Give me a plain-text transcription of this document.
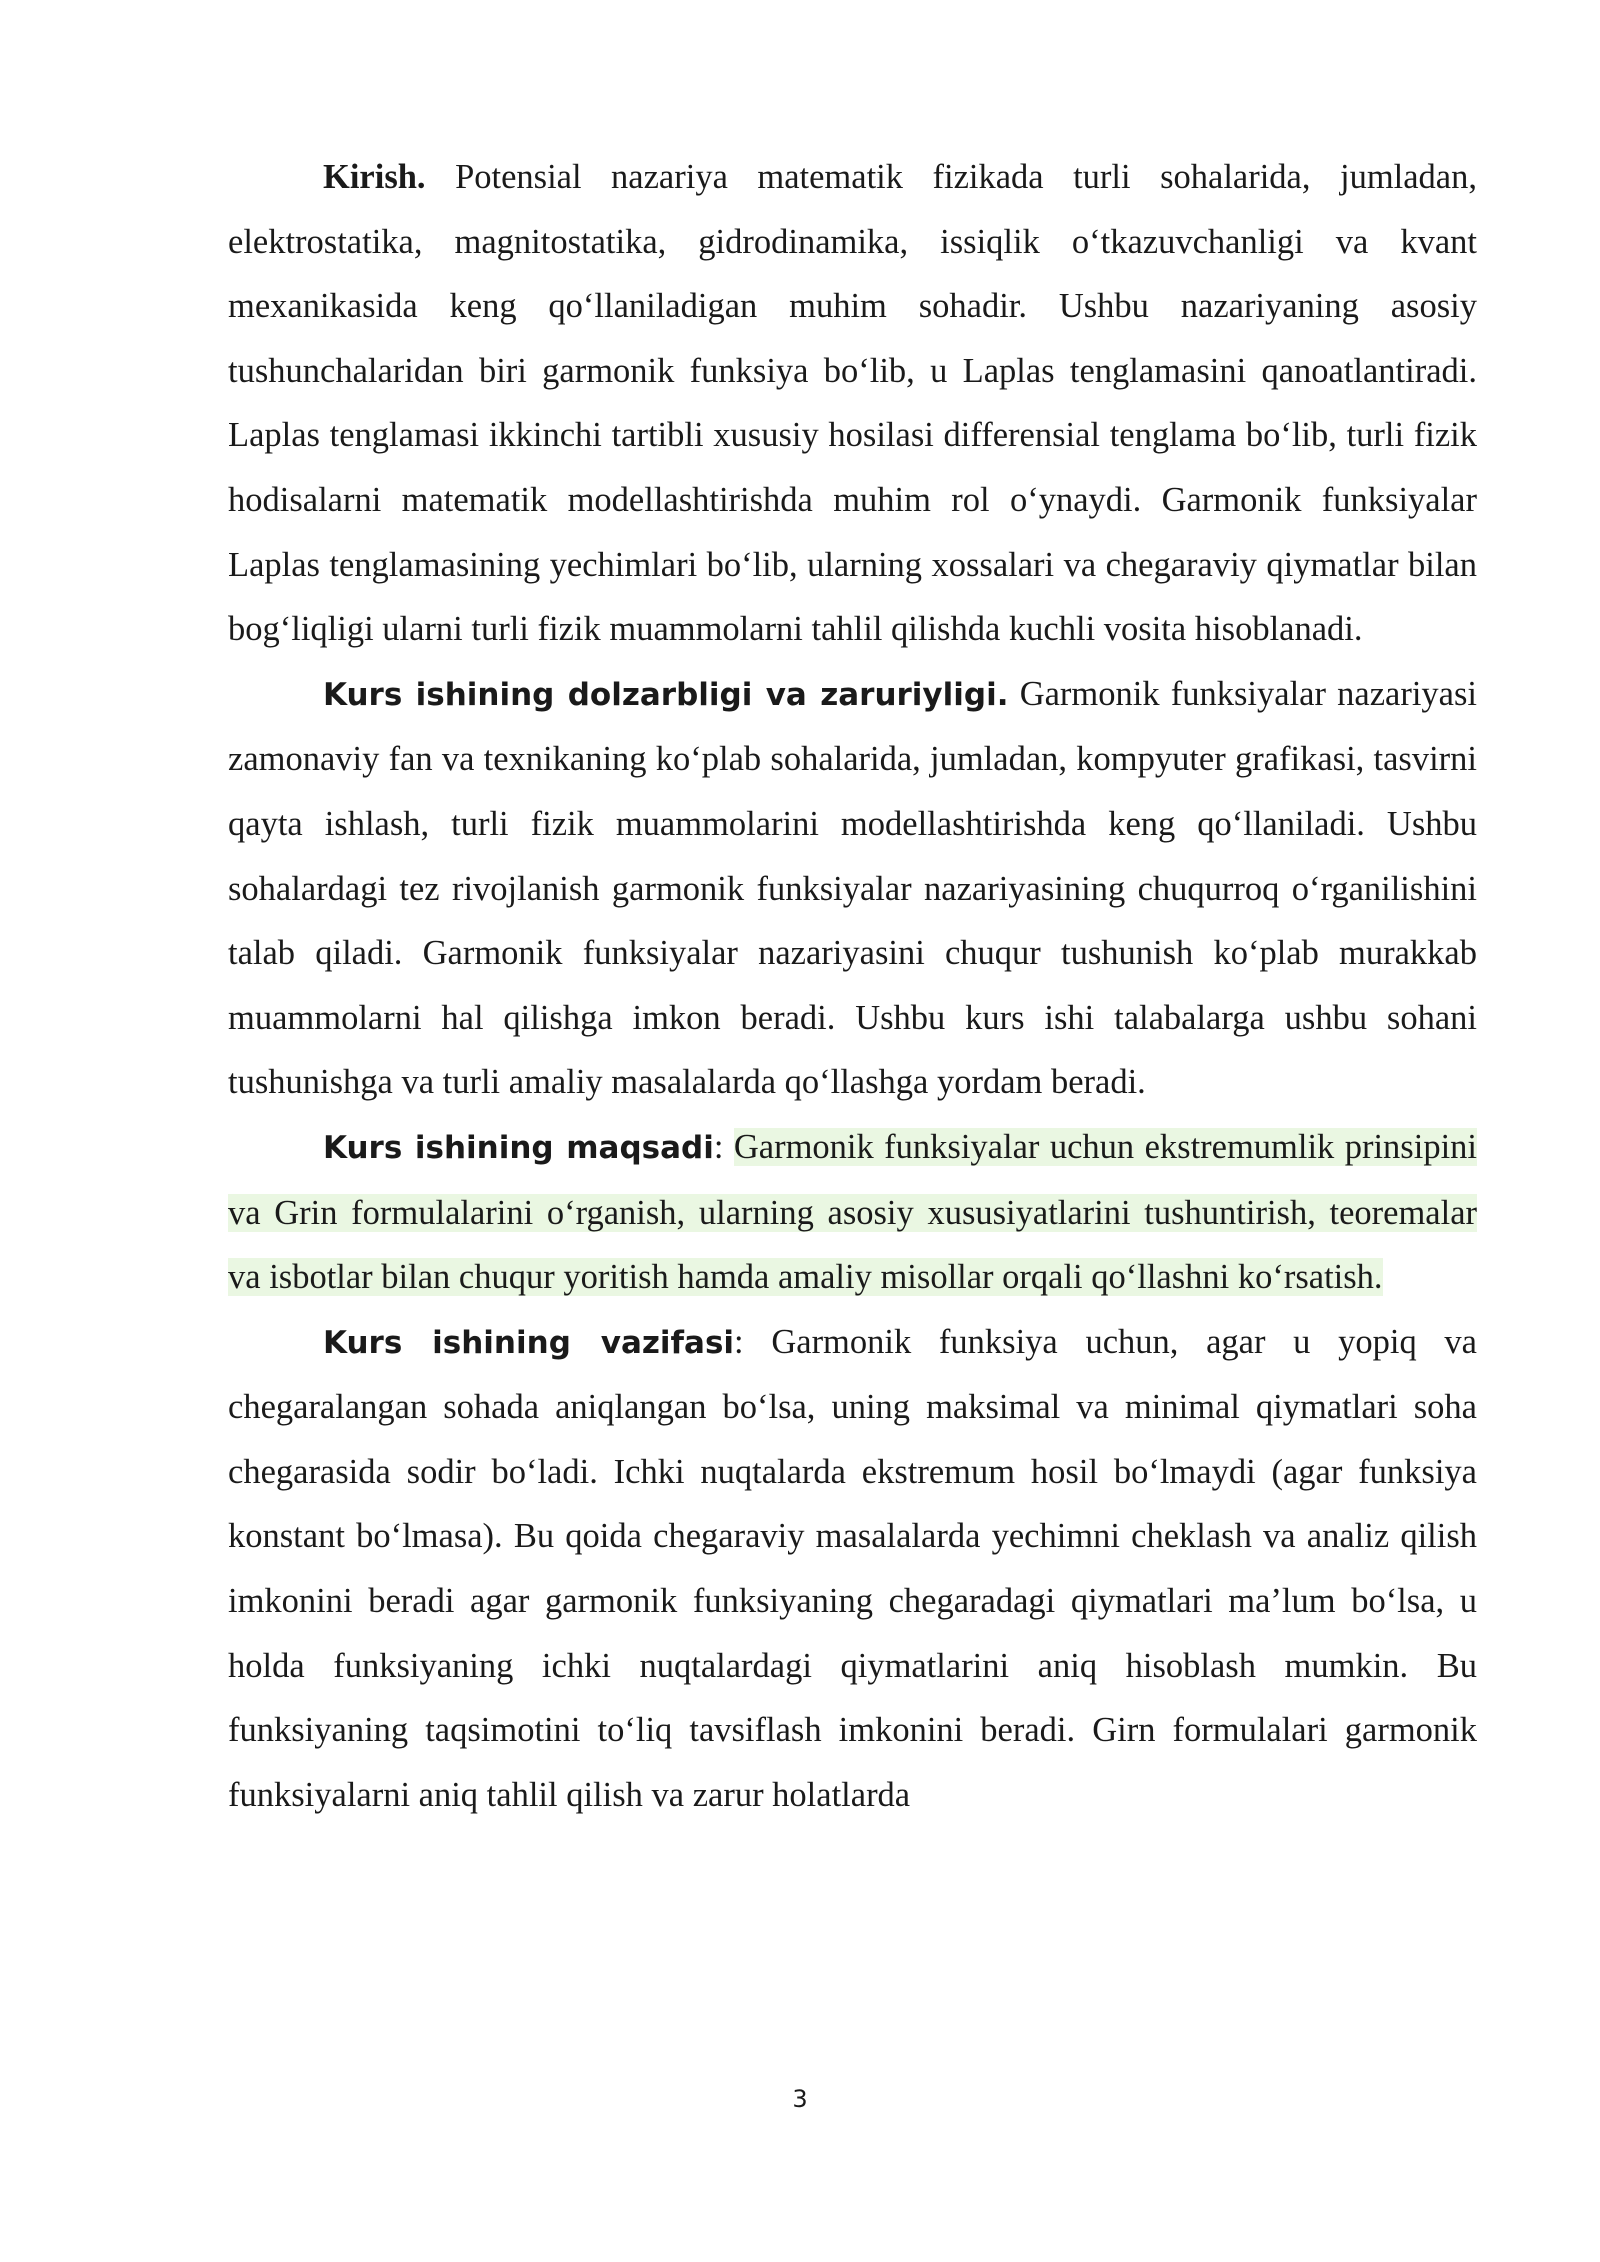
Kirish. Potensial nazariya matematik fizikada turli sohalarida, jumladan, elektrostatika, magnitostatika, gidrodinamika, issiqlik o‘tkazuvchanligi va kvant mexanikasida keng qo‘llaniladigan muhim sohadir. Ushbu nazariyaning asosiy tushunchalaridan biri garmonik funksiya bo‘lib, u Laplas tenglamasini qanoatlantiradi. Laplas tenglamasi ikkinchi tartibli xususiy hosilasi differensial tenglama bo‘lib, turli fizik hodisalarni matematik modellashtirishda muhim rol o‘ynaydi. Garmonik funksiyalar Laplas tenglamasining yechimlari bo‘lib, ularning xossalari va chegaraviy qiymatlar bilan bog‘liqligi ularni turli fizik muammolarni tahlil qilishda kuchli vosita hisoblanadi.

Kurs ishining dolzarbligi va zaruriyligi. Garmonik funksiyalar nazariyasi zamonaviy fan va texnikaning ko‘plab sohalarida, jumladan, kompyuter grafikasi, tasvirni qayta ishlash, turli fizik muammolarini modellashtirishda keng qo‘llaniladi. Ushbu sohalardagi tez rivojlanish garmonik funksiyalar nazariyasining chuqurroq o‘rganilishini talab qiladi. Garmonik funksiyalar nazariyasini chuqur tushunish ko‘plab murakkab muammolarni hal qilishga imkon beradi. Ushbu kurs ishi talabalarga ushbu sohani tushunishga va turli amaliy masalalarda qo‘llashga yordam beradi.

Kurs ishining maqsadi: Garmonik funksiyalar uchun ekstremumlik prinsipini va Grin formulalarini o‘rganish, ularning asosiy xususiyatlarini tushuntirish, teoremalar va isbotlar bilan chuqur yoritish hamda amaliy misollar orqali qo‘llashni ko‘rsatish.

Kurs ishining vazifasi: Garmonik funksiya uchun, agar u yopiq va chegaralangan sohada aniqlangan bo‘lsa, uning maksimal va minimal qiymatlari soha chegarasida sodir bo‘ladi. Ichki nuqtalarda ekstremum hosil bo‘lmaydi (agar funksiya konstant bo‘lmasa). Bu qoida chegaraviy masalalarda yechimni cheklash va analiz qilish imkonini beradi agar garmonik funksiyaning chegaradagi qiymatlari ma’lum bo‘lsa, u holda funksiyaning ichki nuqtalardagi qiymatlarini aniq hisoblash mumkin. Bu funksiyaning taqsimotini to‘liq tavsiflash imkonini beradi. Girn formulalari garmonik funksiyalarni aniq tahlil qilish va zarur holatlarda

3
